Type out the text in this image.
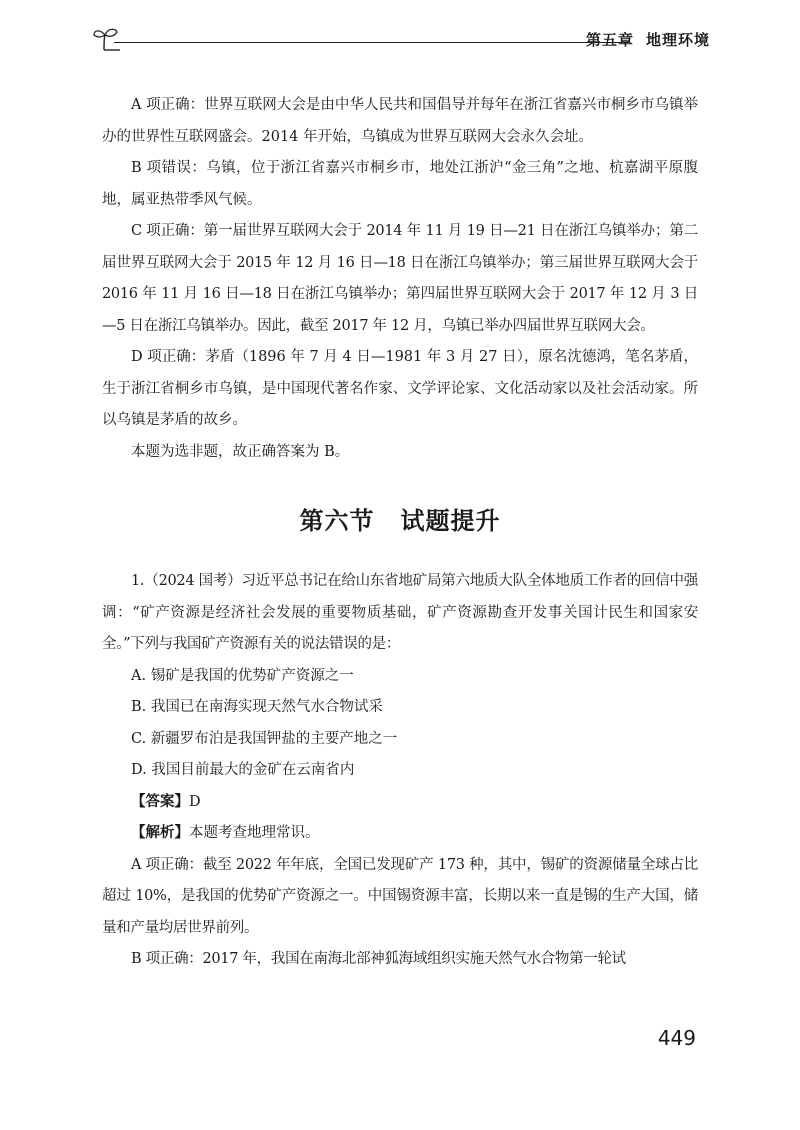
第五章 地理环境

A 项正确：世界互联网大会是由中华人民共和国倡导并每年在浙江省嘉兴市桐乡市乌镇举办的世界性互联网盛会。2014 年开始，乌镇成为世界互联网大会永久会址。

B 项错误：乌镇，位于浙江省嘉兴市桐乡市，地处江浙沪“金三角”之地、杭嘉湖平原腹地，属亚热带季风气候。

C 项正确：第一届世界互联网大会于 2014 年 11 月 19 日—21 日在浙江乌镇举办；第二届世界互联网大会于 2015 年 12 月 16 日—18 日在浙江乌镇举办；第三届世界互联网大会于 2016 年 11 月 16 日—18 日在浙江乌镇举办；第四届世界互联网大会于 2017 年 12 月 3 日—5 日在浙江乌镇举办。因此，截至 2017 年 12 月，乌镇已举办四届世界互联网大会。

D 项正确：茅盾（1896 年 7 月 4 日—1981 年 3 月 27 日），原名沈德鸿，笔名茅盾，生于浙江省桐乡市乌镇，是中国现代著名作家、文学评论家、文化活动家以及社会活动家。所以乌镇是茅盾的故乡。

本题为选非题，故正确答案为 B。

第六节 试题提升

1.（2024 国考）习近平总书记在给山东省地矿局第六地质大队全体地质工作者的回信中强调：“矿产资源是经济社会发展的重要物质基础，矿产资源勘查开发事关国计民生和国家安全。”下列与我国矿产资源有关的说法错误的是：

A. 锡矿是我国的优势矿产资源之一

B. 我国已在南海实现天然气水合物试采

C. 新疆罗布泊是我国钾盐的主要产地之一

D. 我国目前最大的金矿在云南省内

【答案】D

【解析】本题考查地理常识。

A 项正确：截至 2022 年年底，全国已发现矿产 173 种，其中，锡矿的资源储量全球占比超过 10%，是我国的优势矿产资源之一。中国锡资源丰富，长期以来一直是锡的生产大国，储量和产量均居世界前列。

B 项正确：2017 年，我国在南海北部神狐海域组织实施天然气水合物第一轮试

449
